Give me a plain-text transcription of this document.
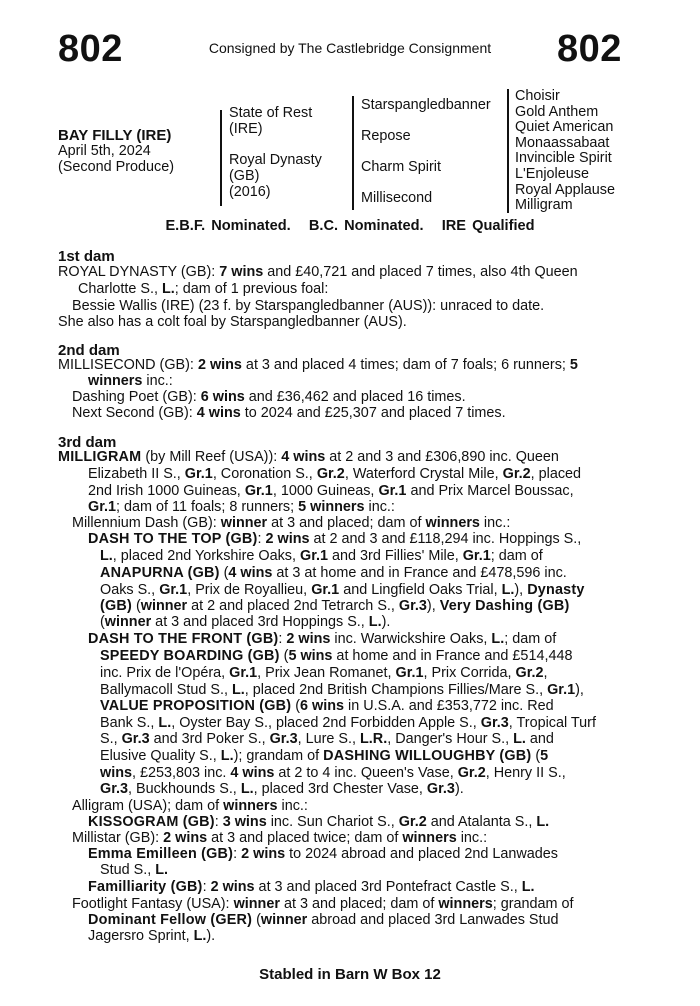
802	Consigned by The Castlebridge Consignment	802
BAY FILLY (IRE)
April 5th, 2024
(Second Produce)
State of Rest
(IRE)
Royal Dynasty
(GB)
(2016)
Starspangledbanner
Repose
Charm Spirit
Millisecond
Choisir
Gold Anthem
Quiet American
Monaassabaat
Invincible Spirit
L'Enjoleuse
Royal Applause
Milligram
E.B.F. Nominated.   B.C. Nominated.   IRE Qualified
1st dam
ROYAL DYNASTY (GB): 7 wins and £40,721 and placed 7 times, also 4th Queen
Charlotte S., L.; dam of 1 previous foal:
Bessie Wallis (IRE) (23 f. by Starspangledbanner (AUS)): unraced to date.
She also has a colt foal by Starspangledbanner (AUS).
2nd dam
MILLISECOND (GB): 2 wins at 3 and placed 4 times; dam of 7 foals; 6 runners; 5
winners inc.:
Dashing Poet (GB): 6 wins and £36,462 and placed 16 times.
Next Second (GB): 4 wins to 2024 and £25,307 and placed 7 times.
3rd dam
MILLIGRAM (by Mill Reef (USA)): 4 wins at 2 and 3 and £306,890 inc. Queen
Elizabeth II S., Gr.1, Coronation S., Gr.2, Waterford Crystal Mile, Gr.2, placed
2nd Irish 1000 Guineas, Gr.1, 1000 Guineas, Gr.1 and Prix Marcel Boussac,
Gr.1; dam of 11 foals; 8 runners; 5 winners inc.:
Millennium Dash (GB): winner at 3 and placed; dam of winners inc.:
DASH TO THE TOP (GB): 2 wins at 2 and 3 and £118,294 inc. Hoppings S.,
L., placed 2nd Yorkshire Oaks, Gr.1 and 3rd Fillies' Mile, Gr.1; dam of
ANAPURNA (GB) (4 wins at 3 at home and in France and £478,596 inc.
Oaks S., Gr.1, Prix de Royallieu, Gr.1 and Lingfield Oaks Trial, L.), Dynasty
(GB) (winner at 2 and placed 2nd Tetrarch S., Gr.3), Very Dashing (GB)
(winner at 3 and placed 3rd Hoppings S., L.).
DASH TO THE FRONT (GB): 2 wins inc. Warwickshire Oaks, L.; dam of
SPEEDY BOARDING (GB) (5 wins at home and in France and £514,448
inc. Prix de l'Opéra, Gr.1, Prix Jean Romanet, Gr.1, Prix Corrida, Gr.2,
Ballymacoll Stud S., L., placed 2nd British Champions Fillies/Mare S., Gr.1),
VALUE PROPOSITION (GB) (6 wins in U.S.A. and £353,772 inc. Red
Bank S., L., Oyster Bay S., placed 2nd Forbidden Apple S., Gr.3, Tropical Turf
S., Gr.3 and 3rd Poker S., Gr.3, Lure S., L.R., Danger's Hour S., L. and
Elusive Quality S., L.); grandam of DASHING WILLOUGHBY (GB) (5
wins, £253,803 inc. 4 wins at 2 to 4 inc. Queen's Vase, Gr.2, Henry II S.,
Gr.3, Buckhounds S., L., placed 3rd Chester Vase, Gr.3).
Alligram (USA); dam of winners inc.:
KISSOGRAM (GB): 3 wins inc. Sun Chariot S., Gr.2 and Atalanta S., L.
Millistar (GB): 2 wins at 3 and placed twice; dam of winners inc.:
Emma Emilleen (GB): 2 wins to 2024 abroad and placed 2nd Lanwades
Stud S., L.
Familliarity (GB): 2 wins at 3 and placed 3rd Pontefract Castle S., L.
Footlight Fantasy (USA): winner at 3 and placed; dam of winners; grandam of
Dominant Fellow (GER) (winner abroad and placed 3rd Lanwades Stud
Jagersro Sprint, L.).
Stabled in Barn W Box 12
